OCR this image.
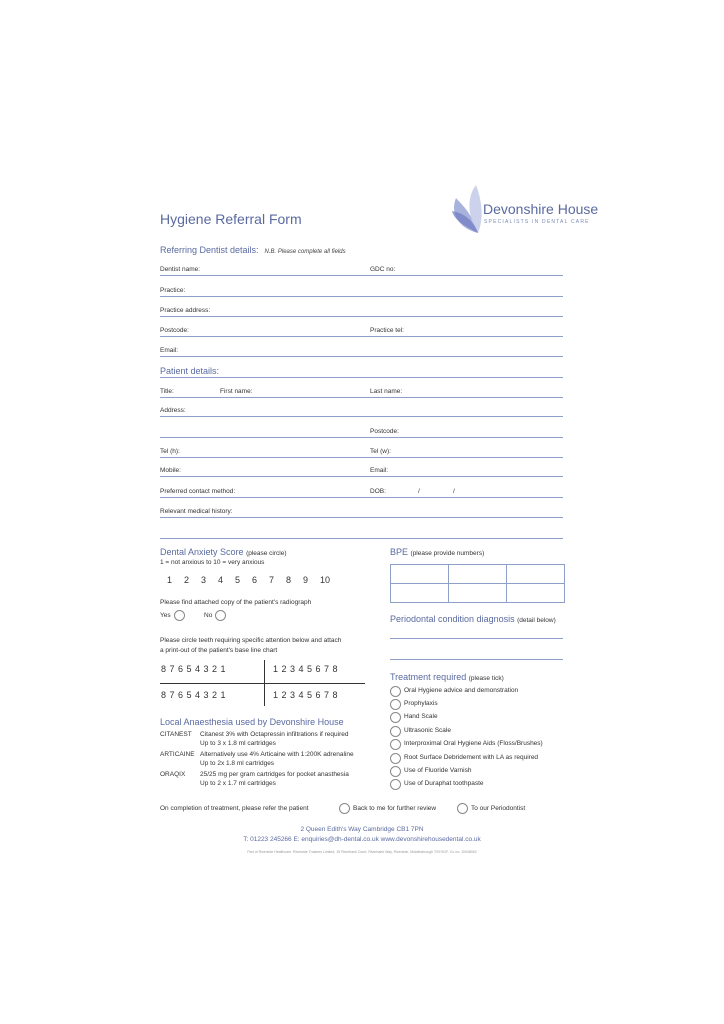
Devonshire House
SPECIALISTS IN DENTAL CARE
Hygiene Referral Form
Referring Dentist details: N.B. Please complete all fields
Dentist name:	GDC no:
Practice:
Practice address:
Postcode:	Practice tel:
Email:
Patient details:
Title:	First name:	Last name:
Address:
Postcode:
Tel (h):	Tel (w):
Mobile:	Email:
Preferred contact method:	DOB:	/	/
Relevant medical history:
Dental Anxiety Score (please circle)
1 = not anxious to 10 = very anxious
1	2	3	4	5	6	7	8	9	10
Please find attached copy of the patient's radiograph
Yes	No
Please circle teeth requiring specific attention below and attach
a print-out of the patient's base line chart
8 7 6 5 4 3 2 1	1 2 3 4 5 6 7 8
8 7 6 5 4 3 2 1	1 2 3 4 5 6 7 8
Local Anaesthesia used by Devonshire House
CITANEST Citanest 3% with Octapressin infiltrations if required
Up to 3 x 1.8 ml cartridges
ARTICAINE Alternatively use 4% Articaine with 1:200K adrenaline
Up to 2x 1.8 ml cartridges
ORAQIX 25/25 mg per gram cartridges for pocket anasthesia
Up to 2 x 1.7 ml cartridges
BPE (please provide numbers)

Periodontal condition diagnosis (detail below)
Treatment required (please tick)
Oral Hygiene advice and demonstration
Prophylaxis
Hand Scale
Ultrasonic Scale
Interproximal Oral Hygiene Aids (Floss/Brushes)
Root Surface Debridement with LA as required
Use of Fluoride Varnish
Use of Duraphat toothpaste
On completion of treatment, please refer the patient	Back to me for further review	To our Periodontist
2 Queen Edith's Way Cambridge CB1 7PN
T: 01223 245266 E: enquiries@dh-dental.co.uk www.devonshirehousedental.co.uk
Part of Riverside Healthcare. Riverside Trustees Limited, 15 Riverbank Court, Riverbank Way, Riverside, Middlesbrough TS9 5GF. Co no: 10948062
